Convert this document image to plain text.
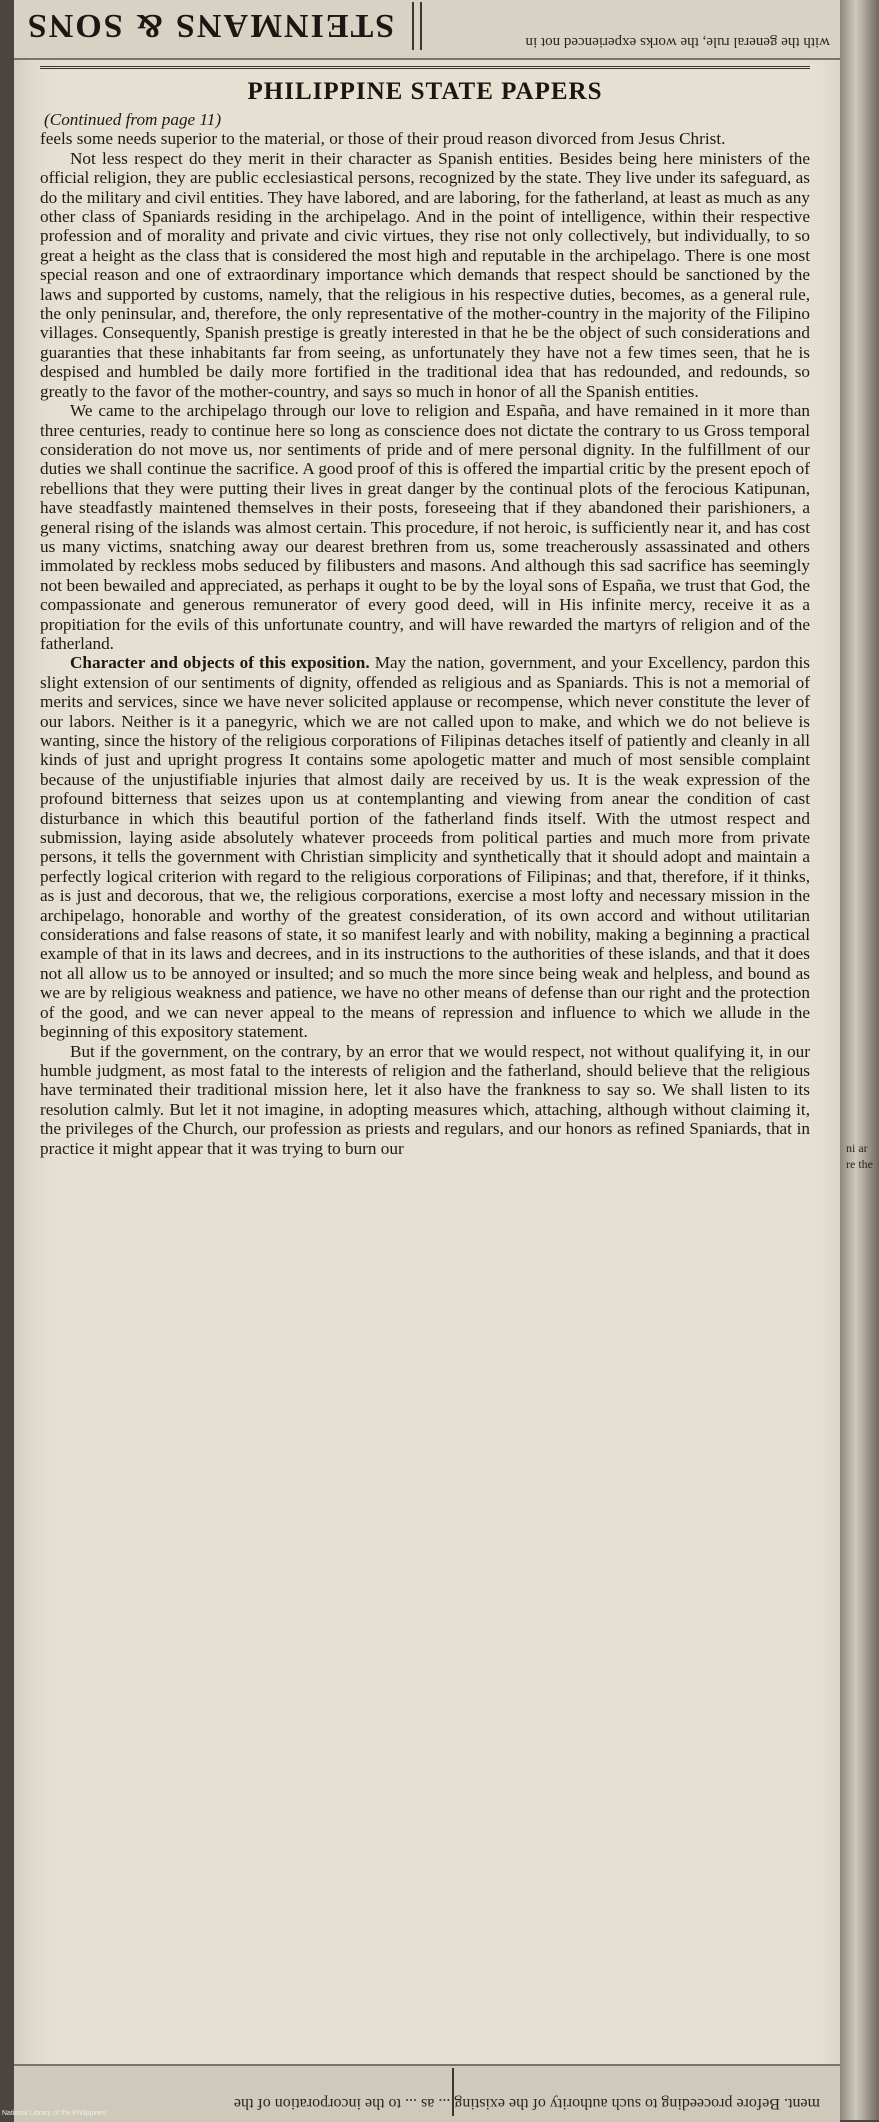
ni ar re the
STEINMANS & SONS	with the general rule, the works experienced not in
PHILIPPINE STATE PAPERS

(Continued from page 11)

feels some needs superior to the material, or those of their proud reason divorced from Jesus Christ.

Not less respect do they merit in their character as Spanish entities. Besides being here ministers of the official religion, they are public ecclesiastical persons, recognized by the state. They live under its safeguard, as do the military and civil entities. They have labored, and are laboring, for the fatherland, at least as much as any other class of Spaniards residing in the archipelago. And in the point of intelligence, within their respective profession and of morality and private and civic virtues, they rise not only collectively, but individually, to so great a height as the class that is considered the most high and reputable in the archipelago. There is one most special reason and one of extraordinary importance which demands that respect should be sanctioned by the laws and supported by customs, namely, that the religious in his respective duties, becomes, as a general rule, the only peninsular, and, therefore, the only representative of the mother-country in the majority of the Filipino villages. Consequently, Spanish prestige is greatly interested in that he be the object of such considerations and guaranties that these inhabitants far from seeing, as unfortunately they have not a few times seen, that he is despised and humbled be daily more fortified in the traditional idea that has redounded, and redounds, so greatly to the favor of the mother-country, and says so much in honor of all the Spanish entities.

We came to the archipelago through our love to religion and España, and have remained in it more than three centuries, ready to continue here so long as conscience does not dictate the contrary to us Gross temporal consideration do not move us, nor sentiments of pride and of mere personal dignity. In the fulfillment of our duties we shall continue the sacrifice. A good proof of this is offered the impartial critic by the present epoch of rebellions that they were putting their lives in great danger by the continual plots of the ferocious Katipunan, have steadfastly maintened themselves in their posts, foreseeing that if they abandoned their parishioners, a general rising of the islands was almost certain. This procedure, if not heroic, is sufficiently near it, and has cost us many victims, snatching away our dearest brethren from us, some treacherously assassinated and others immolated by reckless mobs seduced by filibusters and masons. And although this sad sacrifice has seemingly not been bewailed and appreciated, as perhaps it ought to be by the loyal sons of España, we trust that God, the compassionate and generous remunerator of every good deed, will in His infinite mercy, receive it as a propitiation for the evils of this unfortunate country, and will have rewarded the martyrs of religion and of the fatherland.

Character and objects of this exposition. May the nation, government, and your Excellency, pardon this slight extension of our sentiments of dignity, offended as religious and as Spaniards. This is not a memorial of merits and services, since we have never solicited applause or recompense, which never constitute the lever of our labors. Neither is it a panegyric, which we are not called upon to make, and which we do not believe is wanting, since the history of the religious corporations of Filipinas detaches itself of patiently and cleanly in all kinds of just and upright progress It contains some apologetic matter and much of most sensible complaint because of the unjustifiable injuries that almost daily are received by us. It is the weak expression of the profound bitterness that seizes upon us at contemplanting and viewing from anear the condition of cast disturbance in which this beautiful portion of the fatherland finds itself. With the utmost respect and submission, laying aside absolutely whatever proceeds from political parties and much more from private persons, it tells the government with Christian simplicity and synthetically that it should adopt and maintain a perfectly logical criterion with regard to the religious corporations of Filipinas; and that, therefore, if it thinks, as is just and decorous, that we, the religious corporations, exercise a most lofty and necessary mission in the archipelago, honorable and worthy of the greatest consideration, of its own accord and without utilitarian considerations and false reasons of state, it so manifest learly and with nobility, making a beginning a practical example of that in its laws and decrees, and in its instructions to the authorities of these islands, and that it does not all allow us to be annoyed or insulted; and so much the more since being weak and helpless, and bound as we are by religious weakness and patience, we have no other means of defense than our right and the protection of the good, and we can never appeal to the means of repression and influence to which we allude in the beginning of this expository statement.

But if the government, on the contrary, by an error that we would respect, not without qualifying it, in our humble judgment, as most fatal to the interests of religion and the fatherland, should believe that the religious have terminated their traditional mission here, let it also have the frankness to say so. We shall listen to its resolution calmly. But let it not imagine, in adopting measures which, attaching, although without claiming it, the privileges of the Church, our profession as priests and regulars, and our honors as refined Spaniards, that in practice it might appear that it was trying to burn our

ment. Before proceeding to such authority of the existing ... as ... to the incorporation of the
National Library of the Philippines
